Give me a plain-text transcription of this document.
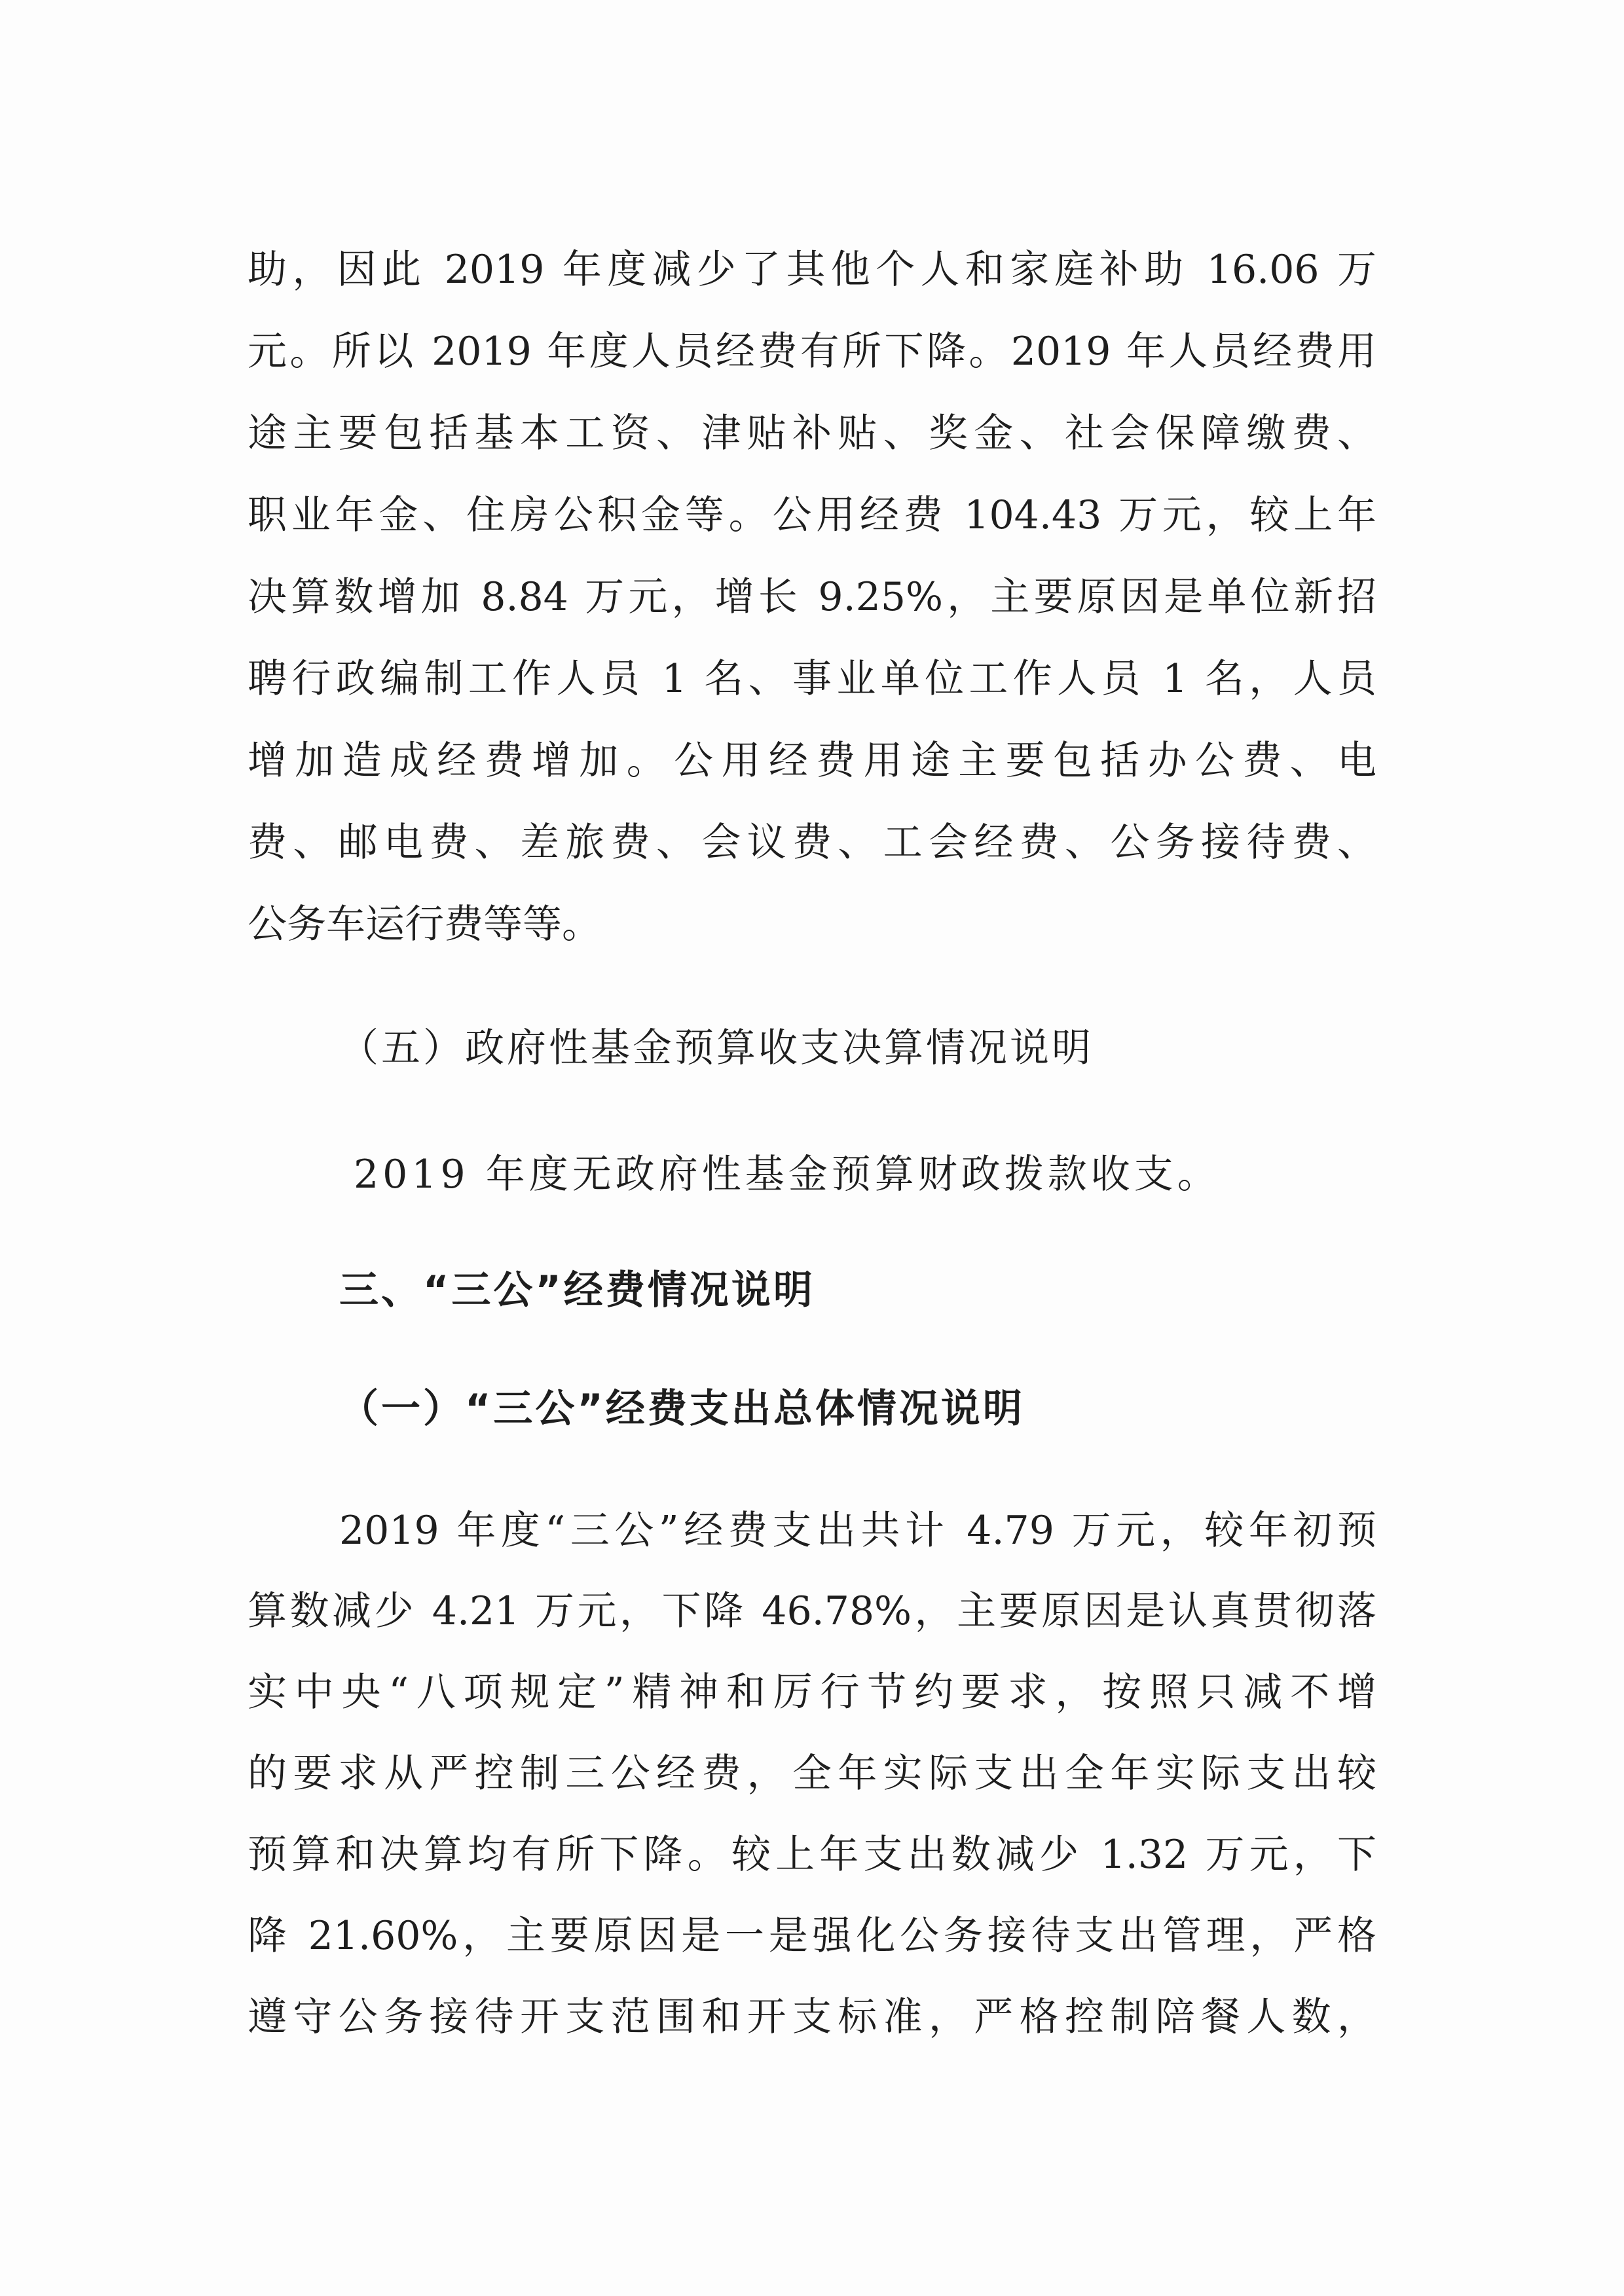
助，因此 2019 年度减少了其他个人和家庭补助 16.06 万
元。所以 2019 年度人员经费有所下降。2019 年人员经费用
途主要包括基本工资、津贴补贴、奖金、社会保障缴费、
职业年金、住房公积金等。公用经费 104.43 万元，较上年
决算数增加 8.84 万元，增长 9.25%，主要原因是单位新招
聘行政编制工作人员 1 名、事业单位工作人员 1 名，人员
增加造成经费增加。公用经费用途主要包括办公费、电
费、邮电费、差旅费、会议费、工会经费、公务接待费、
公务车运行费等等。
（五）政府性基金预算收支决算情况说明
2019 年度无政府性基金预算财政拨款收支。
三、“三公”经费情况说明
（一）“三公”经费支出总体情况说明
2019 年度“三公”经费支出共计 4.79 万元，较年初预
算数减少 4.21 万元，下降 46.78%，主要原因是认真贯彻落
实中央“八项规定”精神和厉行节约要求，按照只减不增
的要求从严控制三公经费，全年实际支出全年实际支出较
预算和决算均有所下降。较上年支出数减少 1.32 万元，下
降 21.60%，主要原因是一是强化公务接待支出管理，严格
遵守公务接待开支范围和开支标准，严格控制陪餐人数，
